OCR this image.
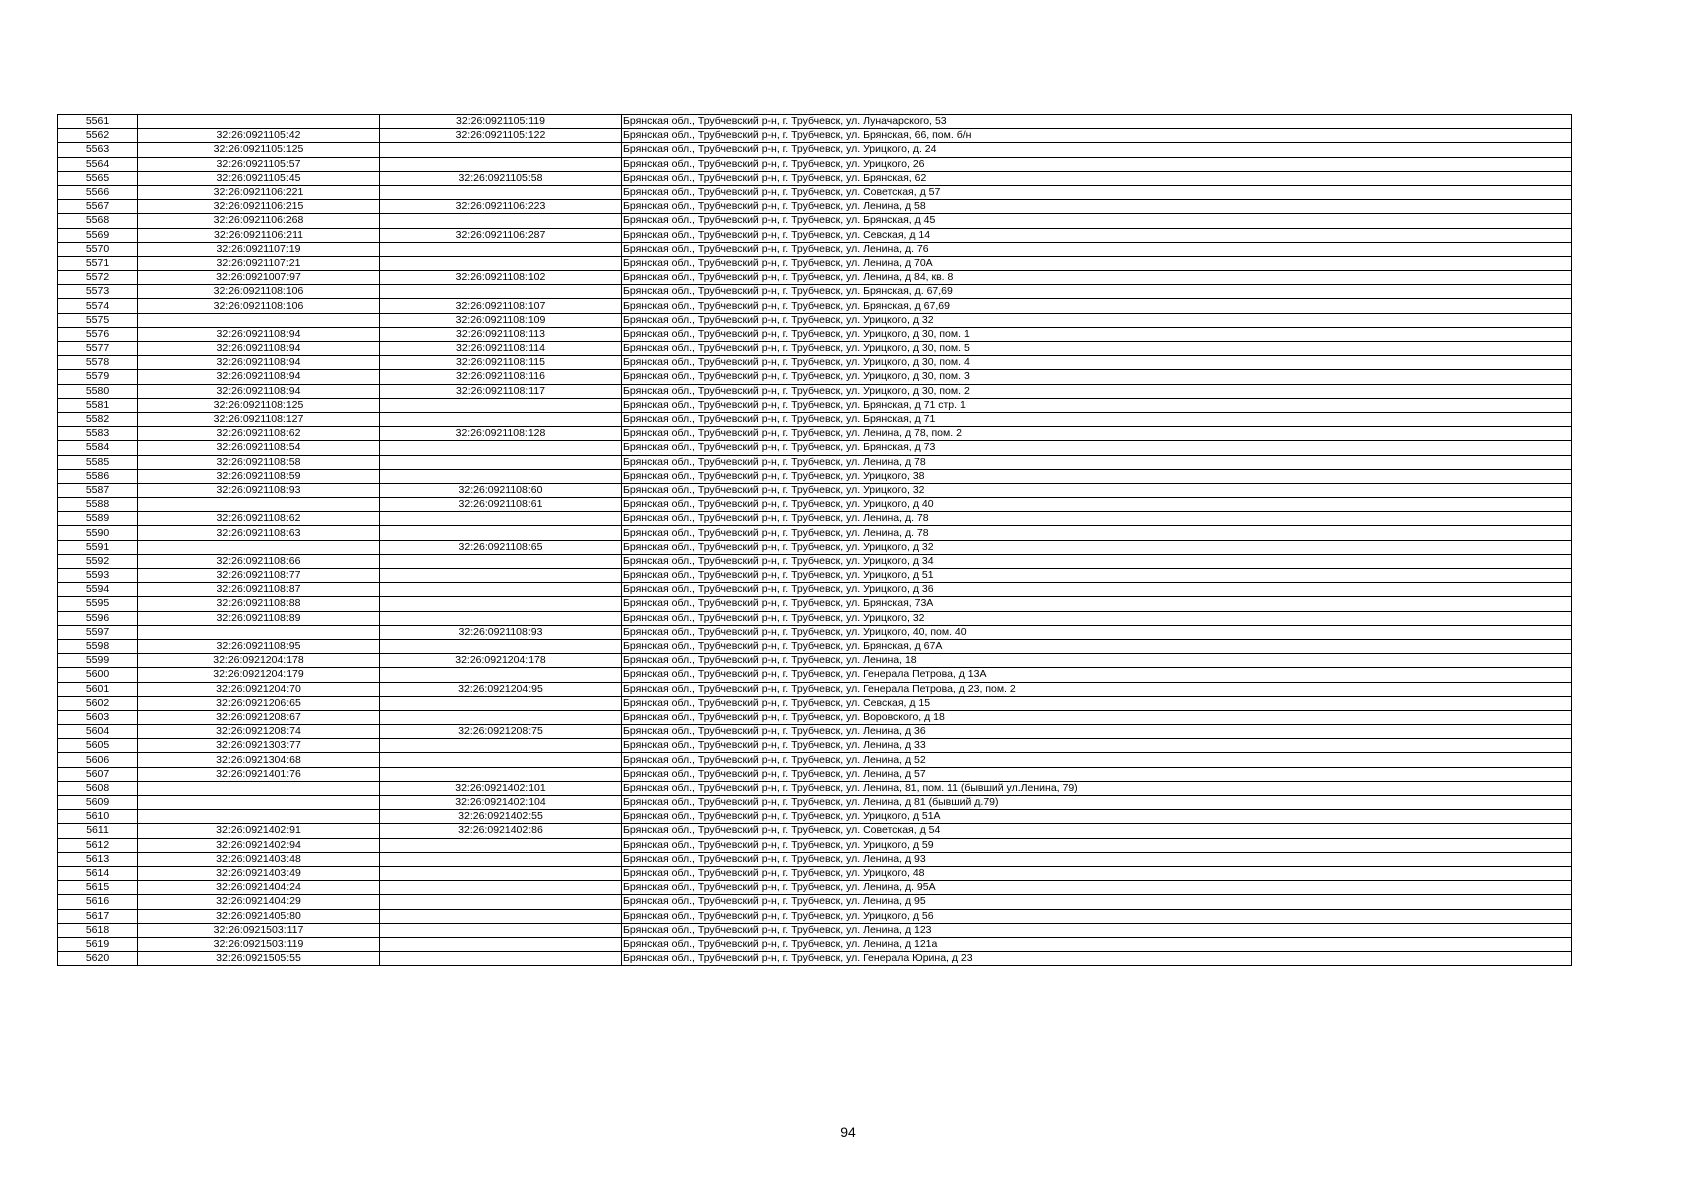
5561		32:26:0921105:119	Брянская обл., Трубчевский р-н, г. Трубчевск, ул. Луначарского, 53
5562	32:26:0921105:42	32:26:0921105:122	Брянская обл., Трубчевский р-н, г. Трубчевск, ул. Брянская, 66, пом. б/н
5563	32:26:0921105:125		Брянская обл., Трубчевский р-н, г. Трубчевск, ул. Урицкого, д. 24
5564	32:26:0921105:57		Брянская обл., Трубчевский р-н, г. Трубчевск, ул. Урицкого, 26
5565	32:26:0921105:45	32:26:0921105:58	Брянская обл., Трубчевский р-н, г. Трубчевск, ул. Брянская, 62
5566	32:26:0921106:221		Брянская обл., Трубчевский р-н, г. Трубчевск, ул. Советская, д 57
5567	32:26:0921106:215	32:26:0921106:223	Брянская обл., Трубчевский р-н, г. Трубчевск, ул. Ленина, д 58
5568	32:26:0921106:268		Брянская обл., Трубчевский р-н, г. Трубчевск, ул. Брянская, д 45
5569	32:26:0921106:211	32:26:0921106:287	Брянская обл., Трубчевский р-н, г. Трубчевск, ул. Севская, д 14
5570	32:26:0921107:19		Брянская обл., Трубчевский р-н, г. Трубчевск, ул. Ленина, д. 76
5571	32:26:0921107:21		Брянская обл., Трубчевский р-н, г. Трубчевск, ул. Ленина, д 70А
5572	32:26:0921007:97	32:26:0921108:102	Брянская обл., Трубчевский р-н, г. Трубчевск, ул. Ленина, д 84, кв. 8
5573	32:26:0921108:106		Брянская обл., Трубчевский р-н, г. Трубчевск, ул. Брянская, д. 67,69
5574	32:26:0921108:106	32:26:0921108:107	Брянская обл., Трубчевский р-н, г. Трубчевск, ул. Брянская, д 67,69
5575		32:26:0921108:109	Брянская обл., Трубчевский р-н, г. Трубчевск, ул. Урицкого, д 32
5576	32:26:0921108:94	32:26:0921108:113	Брянская обл., Трубчевский р-н, г. Трубчевск, ул. Урицкого, д 30, пом. 1
5577	32:26:0921108:94	32:26:0921108:114	Брянская обл., Трубчевский р-н, г. Трубчевск, ул. Урицкого, д 30, пом. 5
5578	32:26:0921108:94	32:26:0921108:115	Брянская обл., Трубчевский р-н, г. Трубчевск, ул. Урицкого, д 30, пом. 4
5579	32:26:0921108:94	32:26:0921108:116	Брянская обл., Трубчевский р-н, г. Трубчевск, ул. Урицкого, д 30, пом. 3
5580	32:26:0921108:94	32:26:0921108:117	Брянская обл., Трубчевский р-н, г. Трубчевск, ул. Урицкого, д 30, пом. 2
5581	32:26:0921108:125		Брянская обл., Трубчевский р-н, г. Трубчевск, ул. Брянская, д 71 стр. 1
5582	32:26:0921108:127		Брянская обл., Трубчевский р-н, г. Трубчевск, ул. Брянская, д 71
5583	32:26:0921108:62	32:26:0921108:128	Брянская обл., Трубчевский р-н, г. Трубчевск, ул. Ленина, д 78, пом. 2
5584	32:26:0921108:54		Брянская обл., Трубчевский р-н, г. Трубчевск, ул. Брянская, д 73
5585	32:26:0921108:58		Брянская обл., Трубчевский р-н, г. Трубчевск, ул. Ленина, д 78
5586	32:26:0921108:59		Брянская обл., Трубчевский р-н, г. Трубчевск, ул. Урицкого, 38
5587	32:26:0921108:93	32:26:0921108:60	Брянская обл., Трубчевский р-н, г. Трубчевск, ул. Урицкого, 32
5588		32:26:0921108:61	Брянская обл., Трубчевский р-н, г. Трубчевск, ул. Урицкого, д 40
5589	32:26:0921108:62		Брянская обл., Трубчевский р-н, г. Трубчевск, ул. Ленина, д. 78
5590	32:26:0921108:63		Брянская обл., Трубчевский р-н, г. Трубчевск, ул. Ленина, д. 78
5591		32:26:0921108:65	Брянская обл., Трубчевский р-н, г. Трубчевск, ул. Урицкого, д 32
5592	32:26:0921108:66		Брянская обл., Трубчевский р-н, г. Трубчевск, ул. Урицкого, д 34
5593	32:26:0921108:77		Брянская обл., Трубчевский р-н, г. Трубчевск, ул. Урицкого, д 51
5594	32:26:0921108:87		Брянская обл., Трубчевский р-н, г. Трубчевск, ул. Урицкого, д 36
5595	32:26:0921108:88		Брянская обл., Трубчевский р-н, г. Трубчевск, ул. Брянская, 73А
5596	32:26:0921108:89		Брянская обл., Трубчевский р-н, г. Трубчевск, ул. Урицкого, 32
5597		32:26:0921108:93	Брянская обл., Трубчевский р-н, г. Трубчевск, ул. Урицкого, 40, пом. 40
5598	32:26:0921108:95		Брянская обл., Трубчевский р-н, г. Трубчевск, ул. Брянская, д 67А
5599	32:26:0921204:178	32:26:0921204:178	Брянская обл., Трубчевский р-н, г. Трубчевск, ул. Ленина, 18
5600	32:26:0921204:179		Брянская обл., Трубчевский р-н, г. Трубчевск, ул. Генерала Петрова, д 13А
5601	32:26:0921204:70	32:26:0921204:95	Брянская обл., Трубчевский р-н, г. Трубчевск, ул. Генерала Петрова, д 23, пом. 2
5602	32:26:0921206:65		Брянская обл., Трубчевский р-н, г. Трубчевск, ул. Севская, д 15
5603	32:26:0921208:67		Брянская обл., Трубчевский р-н, г. Трубчевск, ул. Воровского, д 18
5604	32:26:0921208:74	32:26:0921208:75	Брянская обл., Трубчевский р-н, г. Трубчевск, ул. Ленина, д 36
5605	32:26:0921303:77		Брянская обл., Трубчевский р-н, г. Трубчевск, ул. Ленина, д 33
5606	32:26:0921304:68		Брянская обл., Трубчевский р-н, г. Трубчевск, ул. Ленина, д 52
5607	32:26:0921401:76		Брянская обл., Трубчевский р-н, г. Трубчевск, ул. Ленина, д 57
5608		32:26:0921402:101	Брянская обл., Трубчевский р-н, г. Трубчевск, ул. Ленина, 81, пом. 11 (бывший ул.Ленина, 79)
5609		32:26:0921402:104	Брянская обл., Трубчевский р-н, г. Трубчевск, ул. Ленина, д 81 (бывший д.79)
5610		32:26:0921402:55	Брянская обл., Трубчевский р-н, г. Трубчевск, ул. Урицкого, д 51А
5611	32:26:0921402:91	32:26:0921402:86	Брянская обл., Трубчевский р-н, г. Трубчевск, ул. Советская, д 54
5612	32:26:0921402:94		Брянская обл., Трубчевский р-н, г. Трубчевск, ул. Урицкого, д 59
5613	32:26:0921403:48		Брянская обл., Трубчевский р-н, г. Трубчевск, ул. Ленина, д 93
5614	32:26:0921403:49		Брянская обл., Трубчевский р-н, г. Трубчевск, ул. Урицкого, 48
5615	32:26:0921404:24		Брянская обл., Трубчевский р-н, г. Трубчевск, ул. Ленина, д. 95А
5616	32:26:0921404:29		Брянская обл., Трубчевский р-н, г. Трубчевск, ул. Ленина, д 95
5617	32:26:0921405:80		Брянская обл., Трубчевский р-н, г. Трубчевск, ул. Урицкого, д 56
5618	32:26:0921503:117		Брянская обл., Трубчевский р-н, г. Трубчевск, ул. Ленина, д 123
5619	32:26:0921503:119		Брянская обл., Трубчевский р-н, г. Трубчевск, ул. Ленина, д 121а
5620	32:26:0921505:55		Брянская обл., Трубчевский р-н, г. Трубчевск, ул. Генерала Юрина, д 23
94
